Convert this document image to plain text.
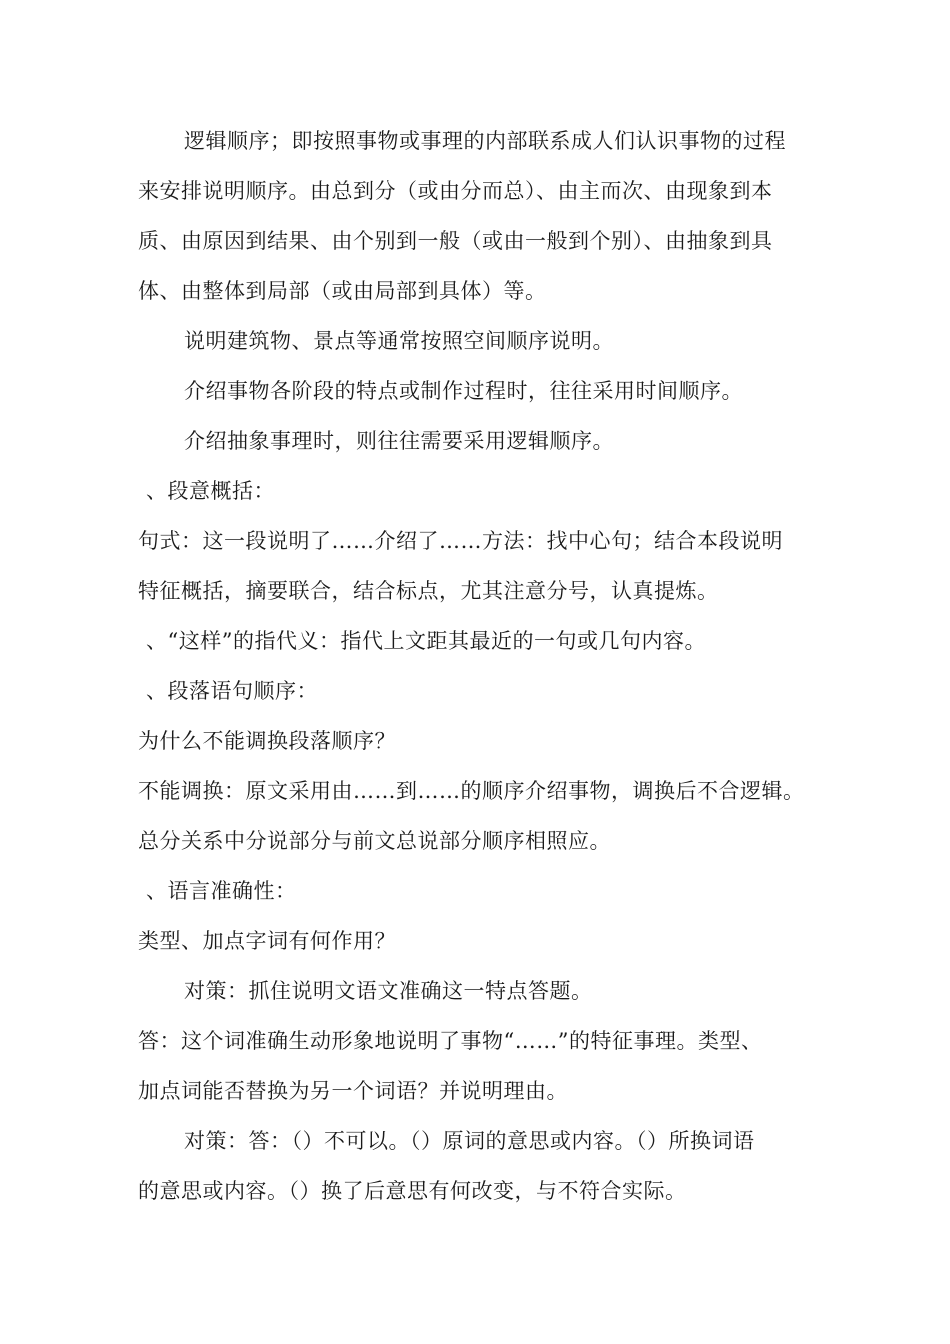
逻辑顺序；即按照事物或事理的内部联系成人们认识事物的过程
来安排说明顺序。由总到分（或由分而总）、由主而次、由现象到本
质、由原因到结果、由个别到一般（或由一般到个别）、由抽象到具
体、由整体到局部（或由局部到具体）等。
说明建筑物、景点等通常按照空间顺序说明。
介绍事物各阶段的特点或制作过程时，往往采用时间顺序。
介绍抽象事理时，则往往需要采用逻辑顺序。
、段意概括：
句式：这一段说明了……介绍了……方法：找中心句；结合本段说明
特征概括，摘要联合，结合标点，尤其注意分号，认真提炼。
、“这样”的指代义：指代上文距其最近的一句或几句内容。
、段落语句顺序：
为什么不能调换段落顺序？
不能调换：原文采用由……到……的顺序介绍事物，调换后不合逻辑。
总分关系中分说部分与前文总说部分顺序相照应。
、语言准确性：
类型、加点字词有何作用？
对策：抓住说明文语文准确这一特点答题。
答：这个词准确生动形象地说明了事物“……”的特征事理。类型、
加点词能否替换为另一个词语？并说明理由。
对策：答：（）不可以。（）原词的意思或内容。（）所换词语
的意思或内容。（）换了后意思有何改变，与不符合实际。
